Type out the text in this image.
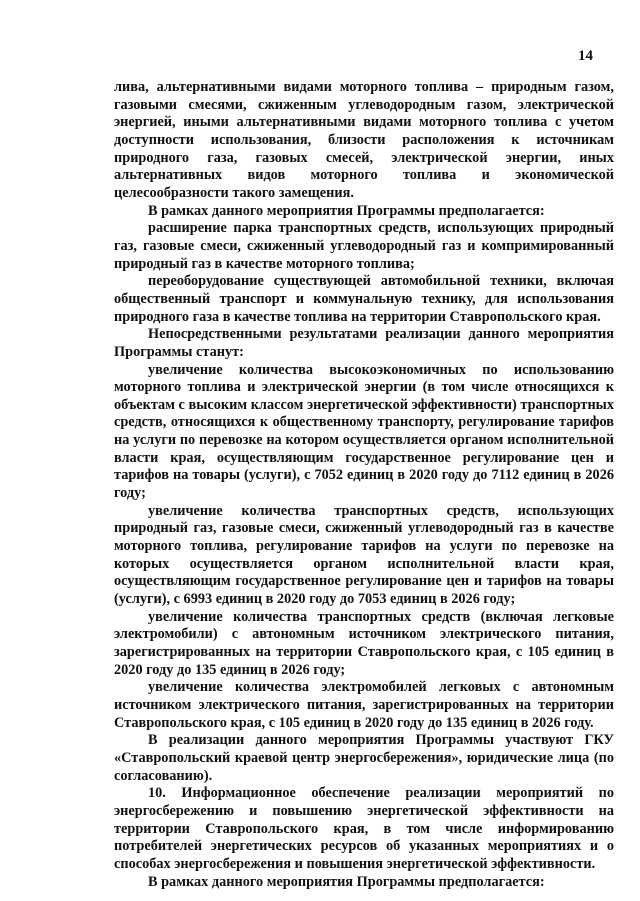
14

лива, альтернативными видами моторного топлива – природным газом, газовыми смесями, сжиженным углеводородным газом, электрической энергией, иными альтернативными видами моторного топлива с учетом доступности использования, близости расположения к источникам природного газа, газовых смесей, электрической энергии, иных альтернативных видов моторного топлива и экономической целесообразности такого замещения.

В рамках данного мероприятия Программы предполагается:

расширение парка транспортных средств, использующих природный газ, газовые смеси, сжиженный углеводородный газ и компримированный природный газ в качестве моторного топлива;

переоборудование существующей автомобильной техники, включая общественный транспорт и коммунальную технику, для использования природного газа в качестве топлива на территории Ставропольского края.

Непосредственными результатами реализации данного мероприятия Программы станут:

увеличение количества высокоэкономичных по использованию моторного топлива и электрической энергии (в том числе относящихся к объектам с высоким классом энергетической эффективности) транспортных средств, относящихся к общественному транспорту, регулирование тарифов на услуги по перевозке на котором осуществляется органом исполнительной власти края, осуществляющим государственное регулирование цен и тарифов на товары (услуги), с 7052 единиц в 2020 году до 7112 единиц в 2026 году;

увеличение количества транспортных средств, использующих природный газ, газовые смеси, сжиженный углеводородный газ в качестве моторного топлива, регулирование тарифов на услуги по перевозке на которых осуществляется органом исполнительной власти края, осуществляющим государственное регулирование цен и тарифов на товары (услуги), с 6993 единиц в 2020 году до 7053 единиц в 2026 году;

увеличение количества транспортных средств (включая легковые электромобили) с автономным источником электрического питания, зарегистрированных на территории Ставропольского края, с 105 единиц в 2020 году до 135 единиц в 2026 году;

увеличение количества электромобилей легковых с автономным источником электрического питания, зарегистрированных на территории Ставропольского края, с 105 единиц в 2020 году до 135 единиц в 2026 году.

В реализации данного мероприятия Программы участвуют ГКУ «Ставропольский краевой центр энергосбережения», юридические лица (по согласованию).

10. Информационное обеспечение реализации мероприятий по энергосбережению и повышению энергетической эффективности на территории Ставропольского края, в том числе информированию потребителей энергетических ресурсов об указанных мероприятиях и о способах энергосбережения и повышения энергетической эффективности.

В рамках данного мероприятия Программы предполагается:
